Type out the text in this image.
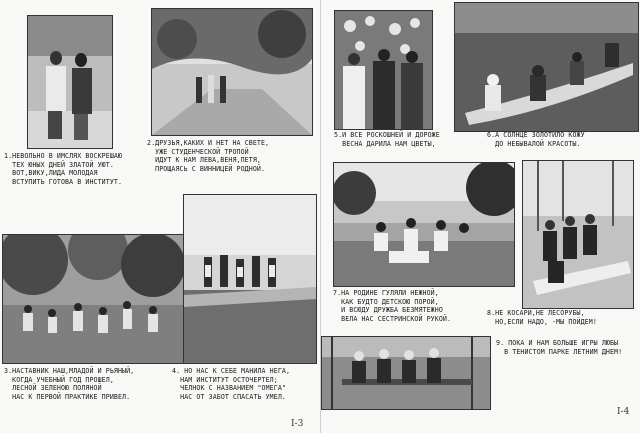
1.НЕВОЛЬНО В ИМСЛЯХ ВОСКРЕШАЮ
ТЕХ ЮНЫХ ДНЕЙ ЗЛАТОЙ УЮТ.
ВОТ,ВИКУ,ЛИДА МОЛОДАЯ
ВСТУПИТЬ ГОТОВА В ИНСТИТУТ.
2.ДРУЗЬЯ,КАКИХ И НЕТ НА СВЕТЕ,
УЖЕ СТУДЕНЧЕСКОЙ ТРОПОЙ
ИДУТ К НАМ ЛЕВА,ВЕНЯ,ПЕТЯ,
ПРОЩАЯСЬ С ВИННИЦЕЙ РОДНОЙ.
3.НАСТАВНИК НАШ,МЛАДОЙ И РЬЯНЫЙ,
КОГДА УЧЕБНЫЙ ГОД ПРОШЕЛ,
ЛЕСНОЙ ЗЕЛЕНОЮ ПОЛЯНОЙ
НАС К ПЕРВОЙ ПРАКТИКЕ ПРИВЕЛ.
4. НО НАС К СЕБЕ МАНИЛА НЕГА,
НАМ ИНСТИТУТ ОСТОЧЕРТЕЛ;
ЧЕЛНОК С НАЗВАНИЕМ "ОМЕГА"
НАС ОТ ЗАБОТ СПАСАТЬ УМЕЛ.
I-3
5.И ВСЕ РОСКОШНЕЙ И ДОРОЖЕ
ВЕСНА ДАРИЛА НАМ ЦВЕТЫ,
6.А СОЛНЦЕ ЗОЛОТИЛО КОЖУ
ДО НЕБЫВАЛОЙ КРАСОТЫ.
7.НА РОДИНЕ ГУЛЯЛИ НЕЖНОЙ,
КАК БУДТО ДЕТСКОЮ ПОРОЙ,
И ВСЮДУ ДРУЖБА БЕЗМЯТЕЖНО
ВЕЛА НАС СЕСТРИНСКОЙ РУКОЙ.
8.НЕ КОСАРИ,НЕ ЛЕСОРУБЫ,
НО,ЕСЛИ НАДО, -МЫ ПОЙДЕМ!
9. ПОКА И НАМ БОЛЬШЕ ИГРЫ ЛЮБЫ
В ТЕНИСТОМ ПАРКЕ ЛЕТНИМ ДНЕМ!
I-4
